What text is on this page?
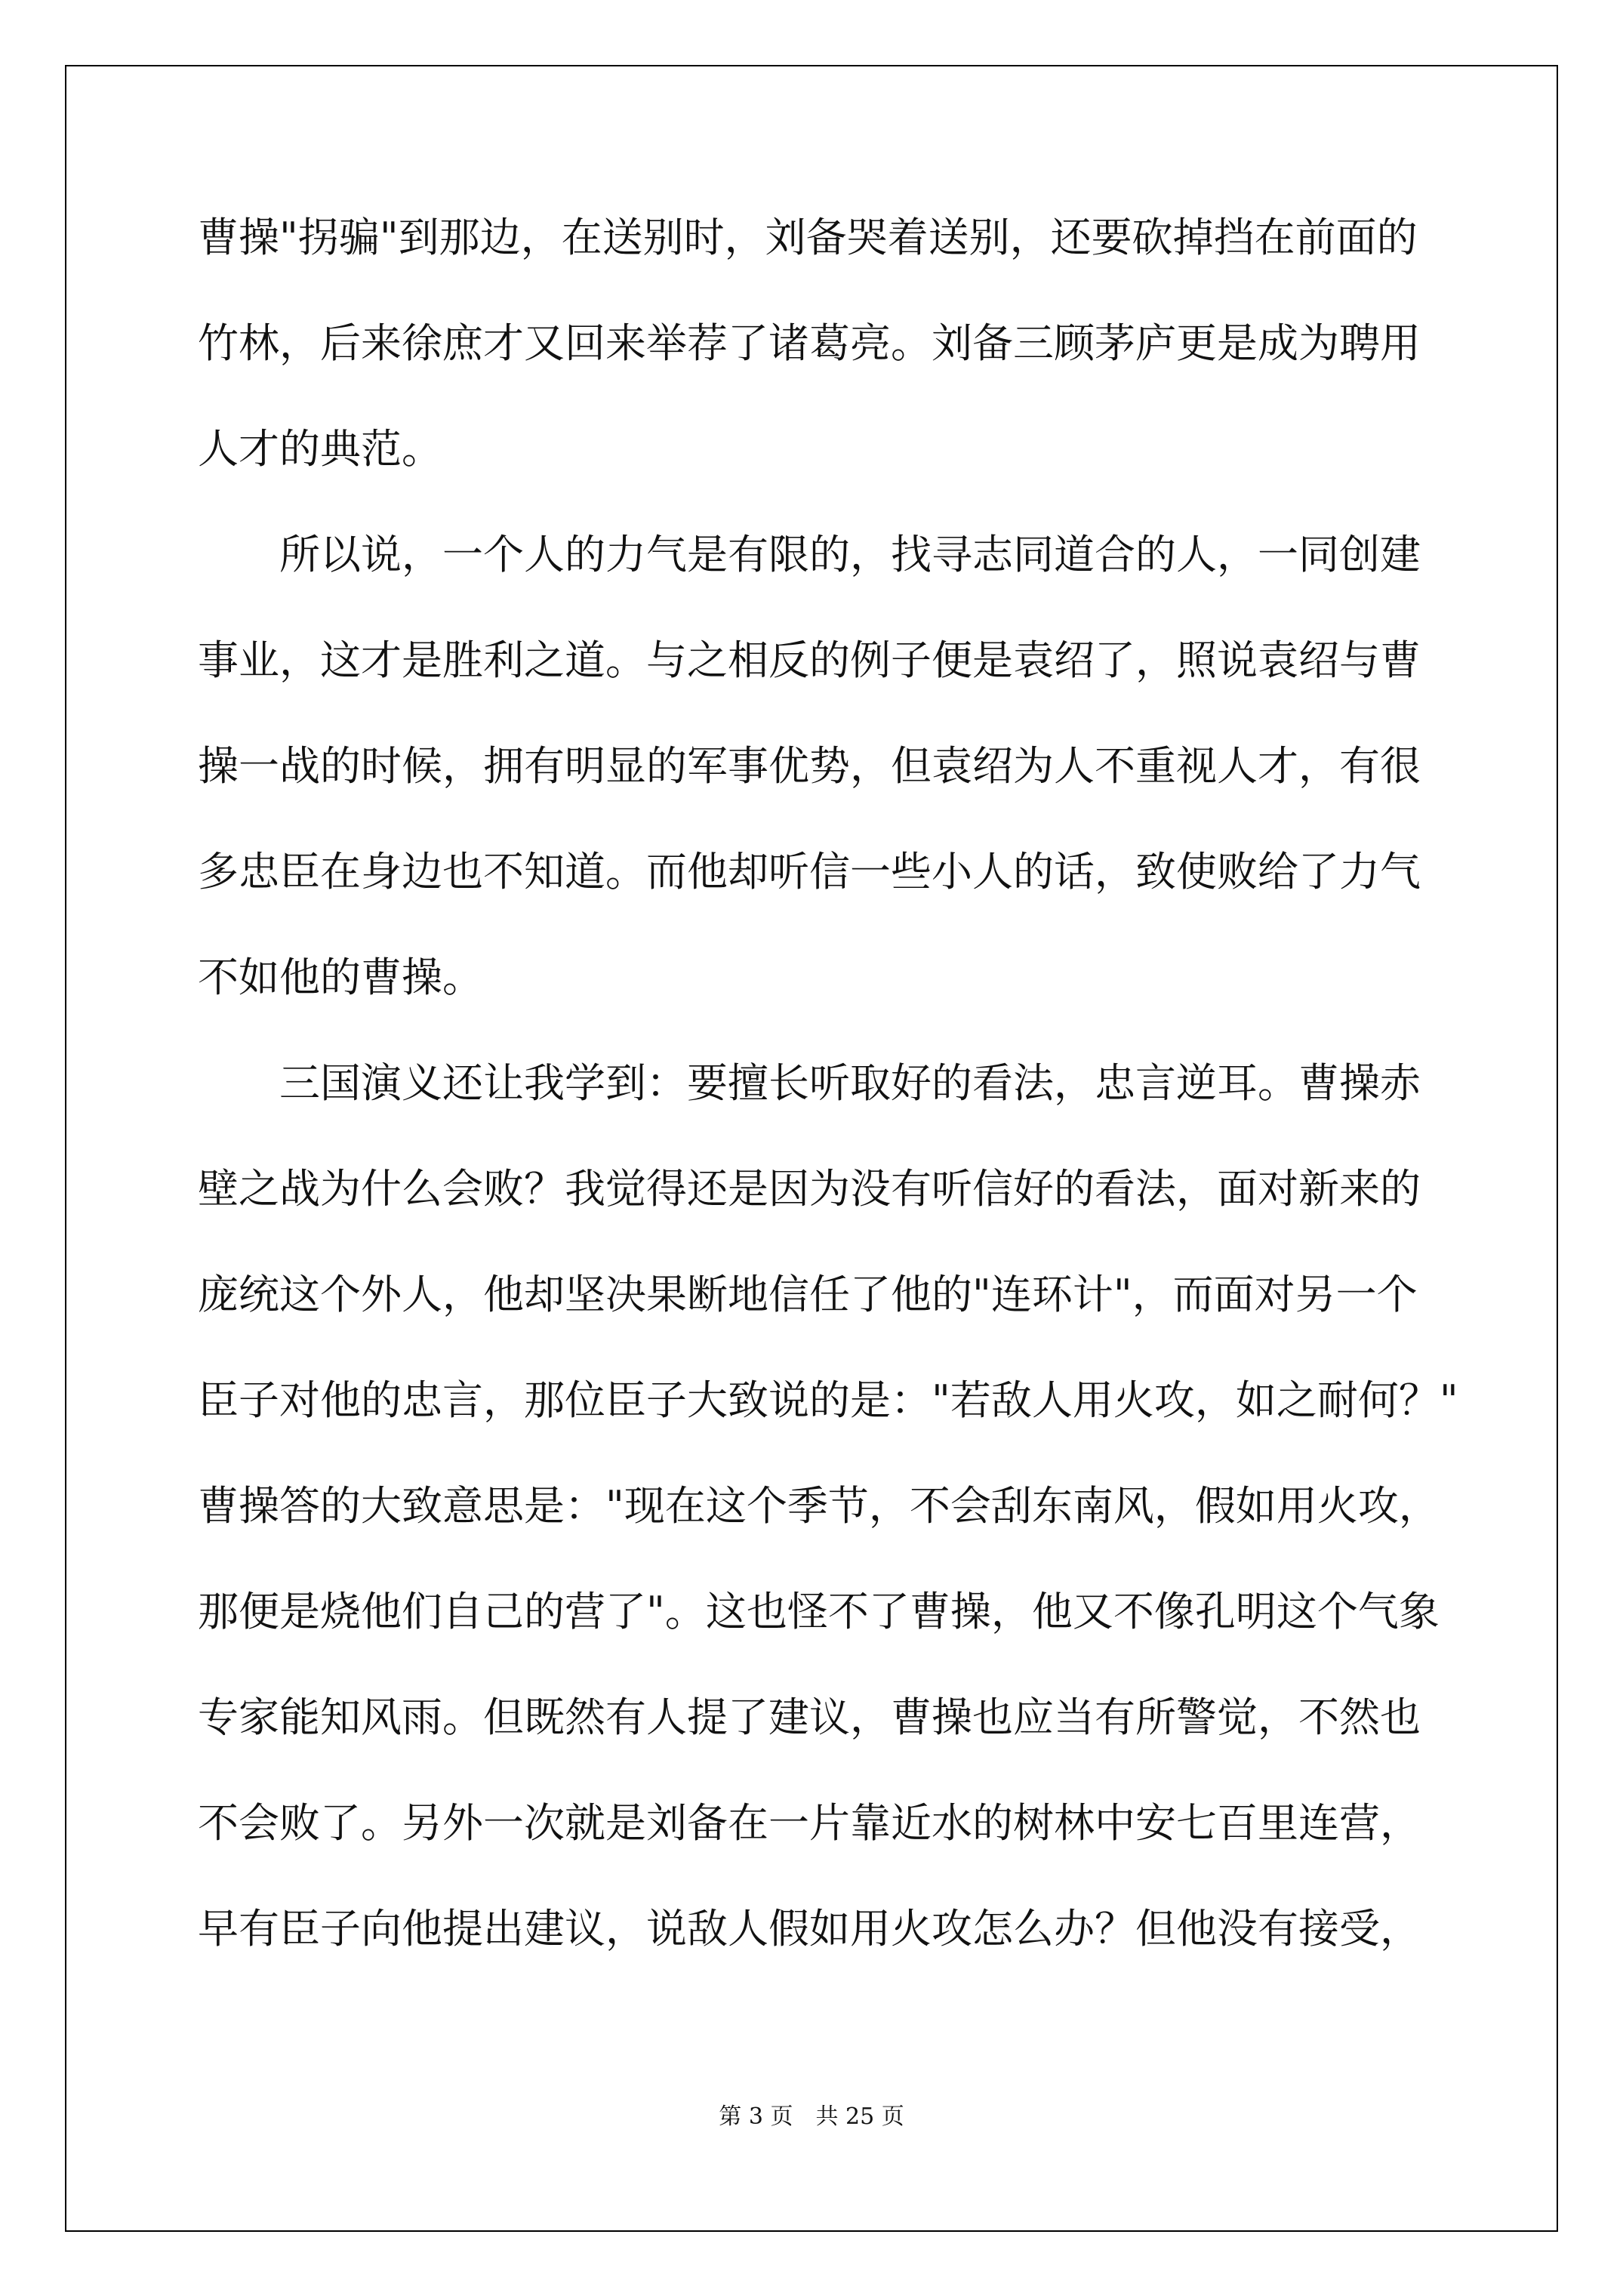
曹操"拐骗"到那边，在送别时，刘备哭着送别，还要砍掉挡在前面的

竹林，后来徐庶才又回来举荐了诸葛亮。刘备三顾茅庐更是成为聘用

人才的典范。

　　所以说，一个人的力气是有限的，找寻志同道合的人，一同创建

事业，这才是胜利之道。与之相反的例子便是袁绍了，照说袁绍与曹

操一战的时候，拥有明显的军事优势，但袁绍为人不重视人才，有很

多忠臣在身边也不知道。而他却听信一些小人的话，致使败给了力气

不如他的曹操。

　　三国演义还让我学到：要擅长听取好的看法，忠言逆耳。曹操赤

壁之战为什么会败？我觉得还是因为没有听信好的看法，面对新来的

庞统这个外人，他却坚决果断地信任了他的"连环计"，而面对另一个

臣子对他的忠言，那位臣子大致说的是："若敌人用火攻，如之耐何？"

曹操答的大致意思是："现在这个季节，不会刮东南风，假如用火攻，

那便是烧他们自己的营了"。这也怪不了曹操，他又不像孔明这个气象

专家能知风雨。但既然有人提了建议，曹操也应当有所警觉，不然也

不会败了。另外一次就是刘备在一片靠近水的树林中安七百里连营，

早有臣子向他提出建议，说敌人假如用火攻怎么办？但他没有接受，

第 3 页 共 25 页
